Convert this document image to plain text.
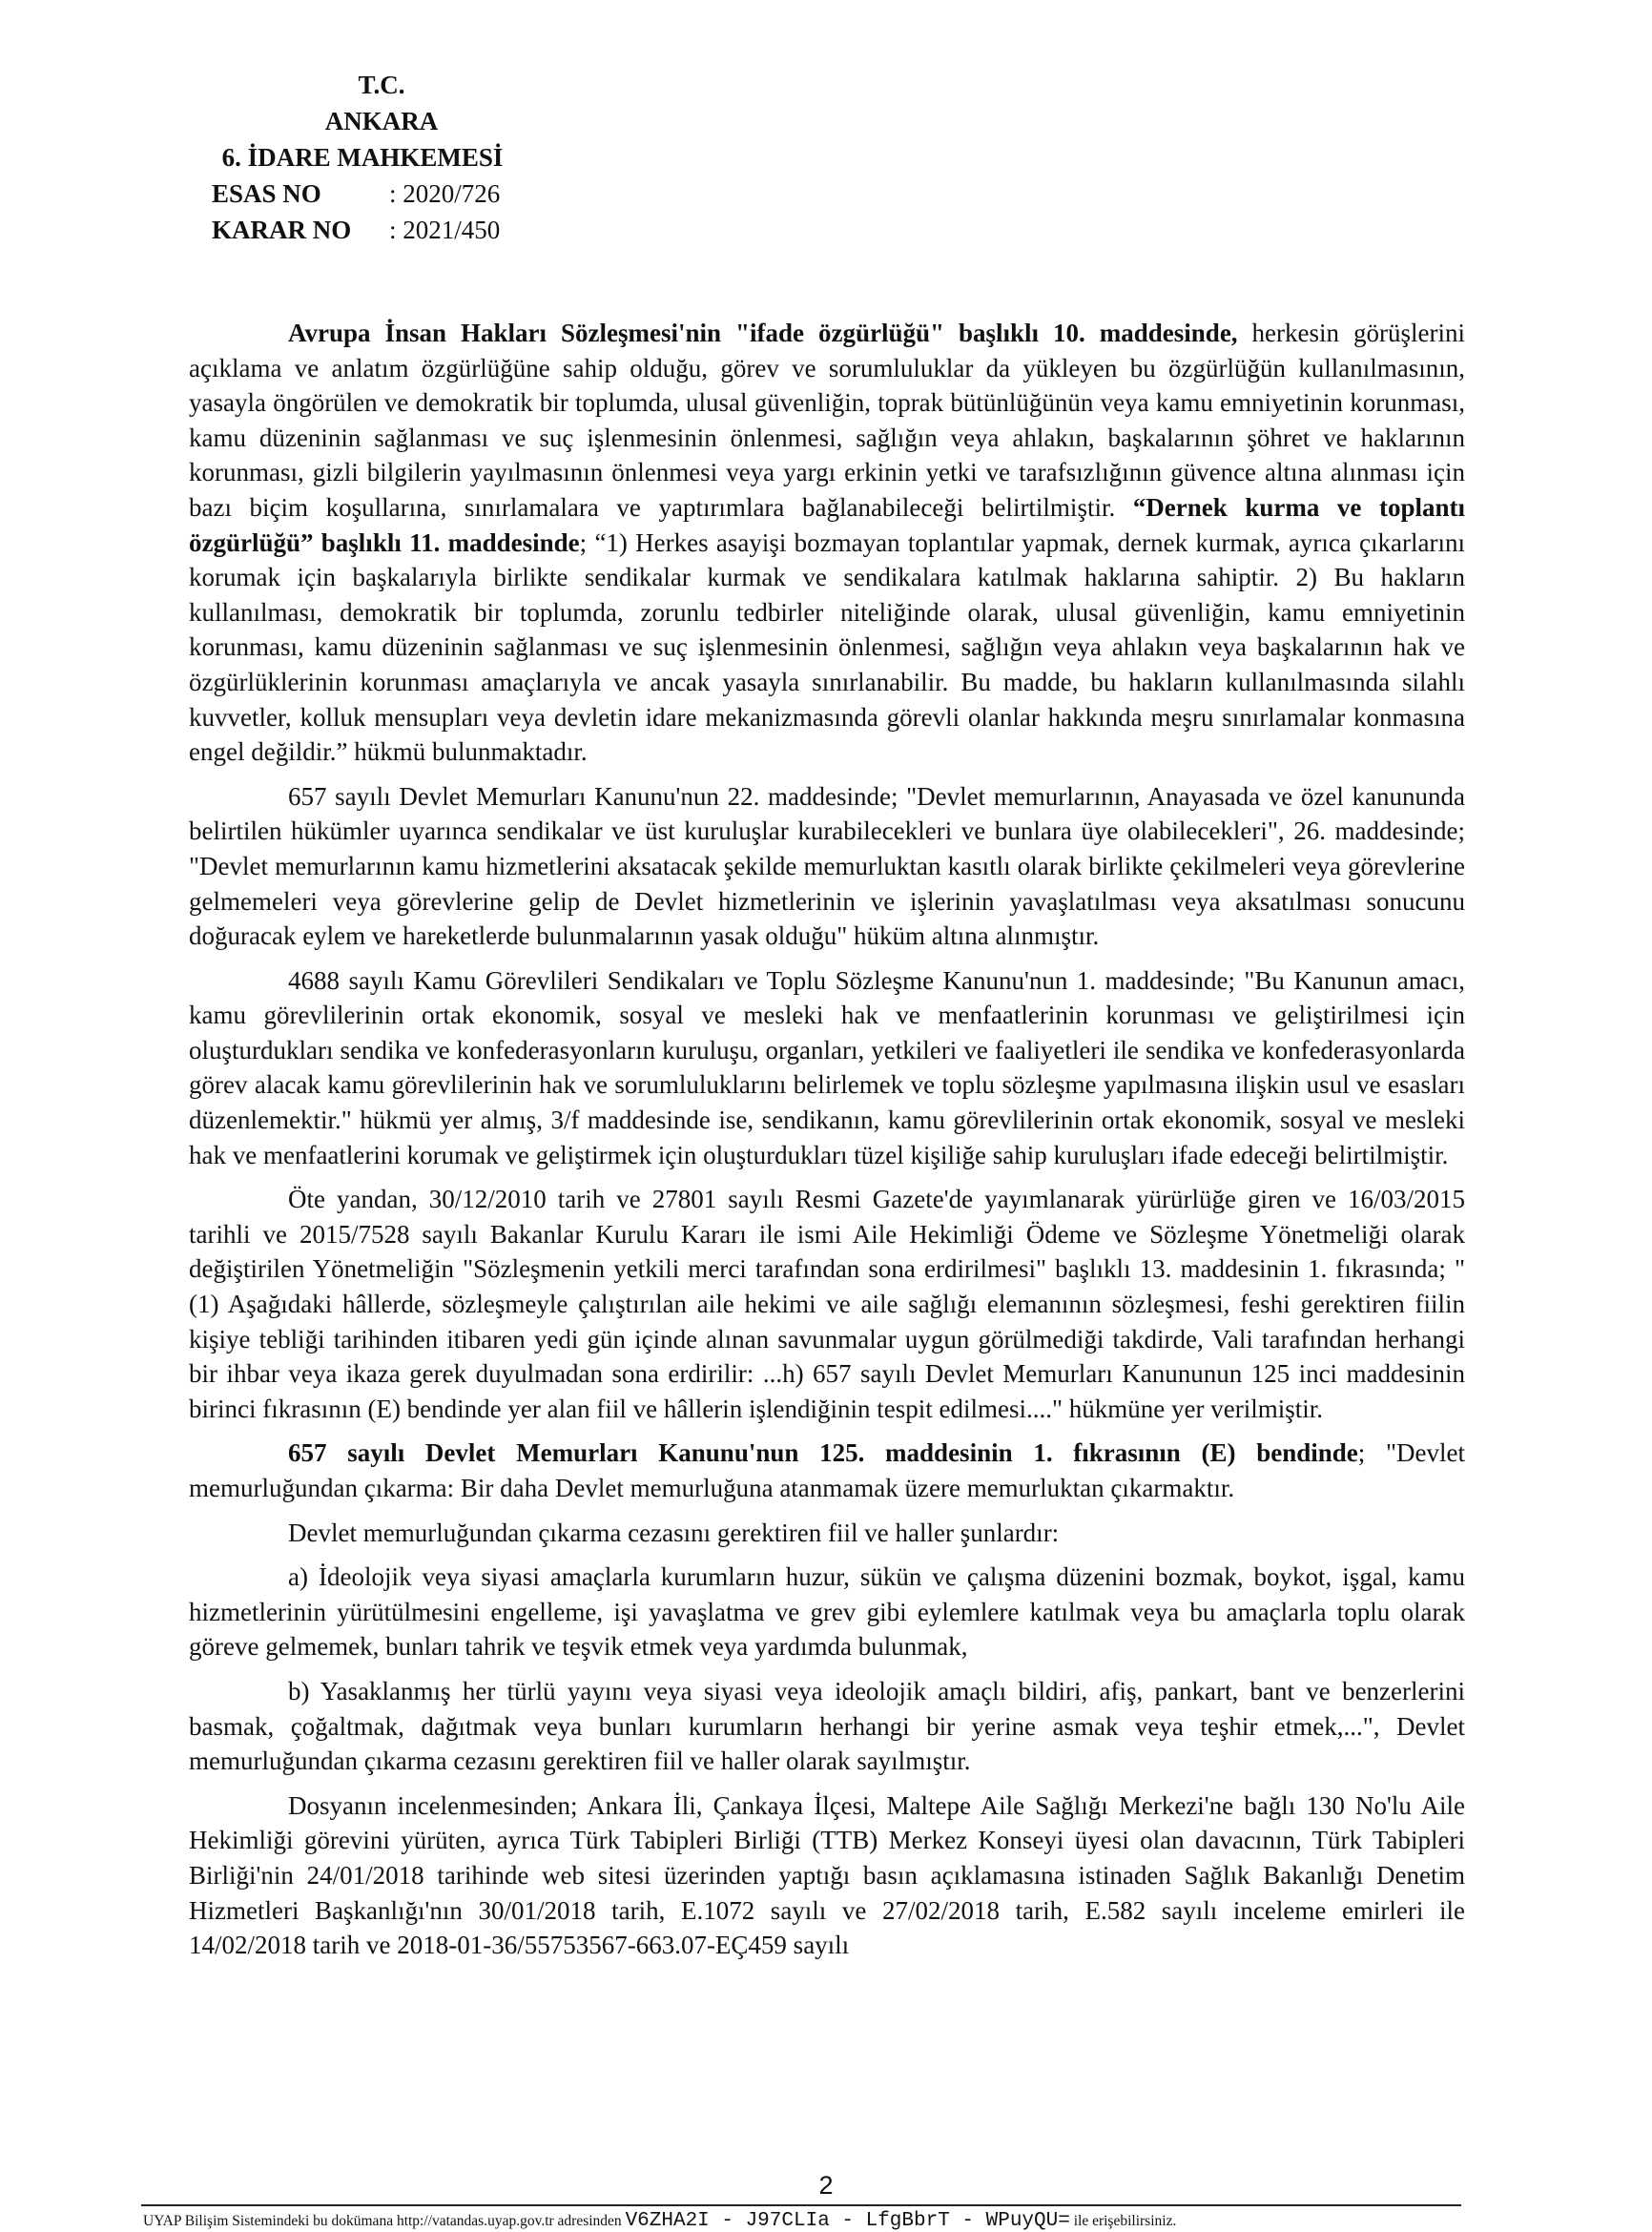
T.C.
ANKARA
6. İDARE MAHKEMESİ
ESAS NO	: 2020/726
KARAR NO : 2021/450

Avrupa İnsan Hakları Sözleşmesi'nin "ifade özgürlüğü" başlıklı 10. maddesinde, herkesin görüşlerini açıklama ve anlatım özgürlüğüne sahip olduğu, görev ve sorumluluklar da yükleyen bu özgürlüğün kullanılmasının, yasayla öngörülen ve demokratik bir toplumda, ulusal güvenliğin, toprak bütünlüğünün veya kamu emniyetinin korunması, kamu düzeninin sağlanması ve suç işlenmesinin önlenmesi, sağlığın veya ahlakın, başkalarının şöhret ve haklarının korunması, gizli bilgilerin yayılmasının önlenmesi veya yargı erkinin yetki ve tarafsızlığının güvence altına alınması için bazı biçim koşullarına, sınırlamalara ve yaptırımlara bağlanabileceği belirtilmiştir. “Dernek kurma ve toplantı özgürlüğü” başlıklı 11. maddesinde; “1) Herkes asayişi bozmayan toplantılar yapmak, dernek kurmak, ayrıca çıkarlarını korumak için başkalarıyla birlikte sendikalar kurmak ve sendikalara katılmak haklarına sahiptir. 2) Bu hakların kullanılması, demokratik bir toplumda, zorunlu tedbirler niteliğinde olarak, ulusal güvenliğin, kamu emniyetinin korunması, kamu düzeninin sağlanması ve suç işlenmesinin önlenmesi, sağlığın veya ahlakın veya başkalarının hak ve özgürlüklerinin korunması amaçlarıyla ve ancak yasayla sınırlanabilir. Bu madde, bu hakların kullanılmasında silahlı kuvvetler, kolluk mensupları veya devletin idare mekanizmasında görevli olanlar hakkında meşru sınırlamalar konmasına engel değildir.” hükmü bulunmaktadır.

657 sayılı Devlet Memurları Kanunu'nun 22. maddesinde; "Devlet memurlarının, Anayasada ve özel kanununda belirtilen hükümler uyarınca sendikalar ve üst kuruluşlar kurabilecekleri ve bunlara üye olabilecekleri", 26. maddesinde; "Devlet memurlarının kamu hizmetlerini aksatacak şekilde memurluktan kasıtlı olarak birlikte çekilmeleri veya görevlerine gelmemeleri veya görevlerine gelip de Devlet hizmetlerinin ve işlerinin yavaşlatılması veya aksatılması sonucunu doğuracak eylem ve hareketlerde bulunmalarının yasak olduğu" hüküm altına alınmıştır.

4688 sayılı Kamu Görevlileri Sendikaları ve Toplu Sözleşme Kanunu'nun 1. maddesinde; "Bu Kanunun amacı, kamu görevlilerinin ortak ekonomik, sosyal ve mesleki hak ve menfaatlerinin korunması ve geliştirilmesi için oluşturdukları sendika ve konfederasyonların kuruluşu, organları, yetkileri ve faaliyetleri ile sendika ve konfederasyonlarda görev alacak kamu görevlilerinin hak ve sorumluluklarını belirlemek ve toplu sözleşme yapılmasına ilişkin usul ve esasları düzenlemektir." hükmü yer almış, 3/f maddesinde ise, sendikanın, kamu görevlilerinin ortak ekonomik, sosyal ve mesleki hak ve menfaatlerini korumak ve geliştirmek için oluşturdukları tüzel kişiliğe sahip kuruluşları ifade edeceği belirtilmiştir.

Öte yandan, 30/12/2010 tarih ve 27801 sayılı Resmi Gazete'de yayımlanarak yürürlüğe giren ve 16/03/2015 tarihli ve 2015/7528 sayılı Bakanlar Kurulu Kararı ile ismi Aile Hekimliği Ödeme ve Sözleşme Yönetmeliği olarak değiştirilen Yönetmeliğin "Sözleşmenin yetkili merci tarafından sona erdirilmesi" başlıklı 13. maddesinin 1. fıkrasında; "(1) Aşağıdaki hâllerde, sözleşmeyle çalıştırılan aile hekimi ve aile sağlığı elemanının sözleşmesi, feshi gerektiren fiilin kişiye tebliği tarihinden itibaren yedi gün içinde alınan savunmalar uygun görülmediği takdirde, Vali tarafından herhangi bir ihbar veya ikaza gerek duyulmadan sona erdirilir: ...h) 657 sayılı Devlet Memurları Kanununun 125 inci maddesinin birinci fıkrasının (E) bendinde yer alan fiil ve hâllerin işlendiğinin tespit edilmesi...." hükmüne yer verilmiştir.

657 sayılı Devlet Memurları Kanunu'nun 125. maddesinin 1. fıkrasının (E) bendinde; "Devlet memurluğundan çıkarma: Bir daha Devlet memurluğuna atanmamak üzere memurluktan çıkarmaktır.

Devlet memurluğundan çıkarma cezasını gerektiren fiil ve haller şunlardır:

a) İdeolojik veya siyasi amaçlarla kurumların huzur, sükün ve çalışma düzenini bozmak, boykot, işgal, kamu hizmetlerinin yürütülmesini engelleme, işi yavaşlatma ve grev gibi eylemlere katılmak veya bu amaçlarla toplu olarak göreve gelmemek, bunları tahrik ve teşvik etmek veya yardımda bulunmak,

b) Yasaklanmış her türlü yayını veya siyasi veya ideolojik amaçlı bildiri, afiş, pankart, bant ve benzerlerini basmak, çoğaltmak, dağıtmak veya bunları kurumların herhangi bir yerine asmak veya teşhir etmek,...", Devlet memurluğundan çıkarma cezasını gerektiren fiil ve haller olarak sayılmıştır.

Dosyanın incelenmesinden; Ankara İli, Çankaya İlçesi, Maltepe Aile Sağlığı Merkezi'ne bağlı 130 No'lu Aile Hekimliği görevini yürüten, ayrıca Türk Tabipleri Birliği (TTB) Merkez Konseyi üyesi olan davacının, Türk Tabipleri Birliği'nin 24/01/2018 tarihinde web sitesi üzerinden yaptığı basın açıklamasına istinaden Sağlık Bakanlığı Denetim Hizmetleri Başkanlığı'nın 30/01/2018 tarih, E.1072 sayılı ve 27/02/2018 tarih, E.582 sayılı inceleme emirleri ile 14/02/2018 tarih ve 2018-01-36/55753567-663.07-EÇ459 sayılı

2
UYAP Bilişim Sistemindeki bu dokümana http://vatandas.uyap.gov.tr adresinden V6ZHA2I - J97CLIa - LfgBbrT - WPuyQU= ile erişebilirsiniz.
